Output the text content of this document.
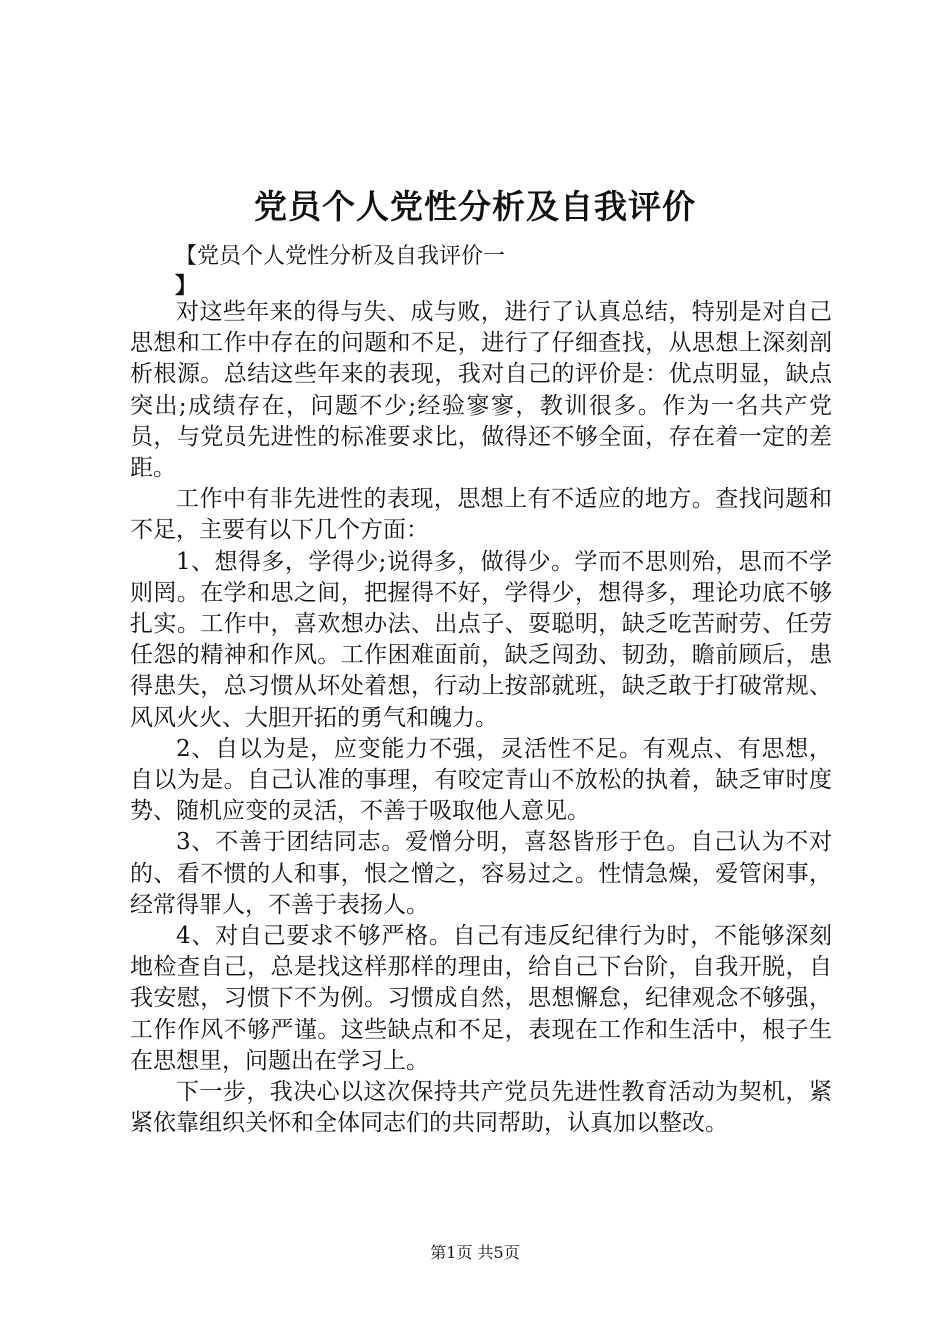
党员个人党性分析及自我评价

【党员个人党性分析及自我评价一

】

对这些年来的得与失、成与败，进行了认真总结，特别是对自己思想和工作中存在的问题和不足，进行了仔细查找，从思想上深刻剖析根源。总结这些年来的表现，我对自己的评价是：优点明显，缺点突出;成绩存在，问题不少;经验寥寥，教训很多。作为一名共产党员，与党员先进性的标准要求比，做得还不够全面，存在着一定的差距。

工作中有非先进性的表现，思想上有不适应的地方。查找问题和不足，主要有以下几个方面：

1、想得多，学得少;说得多，做得少。学而不思则殆，思而不学则罔。在学和思之间，把握得不好，学得少，想得多，理论功底不够扎实。工作中，喜欢想办法、出点子、耍聪明，缺乏吃苦耐劳、任劳任怨的精神和作风。工作困难面前，缺乏闯劲、韧劲，瞻前顾后，患得患失，总习惯从坏处着想，行动上按部就班，缺乏敢于打破常规、风风火火、大胆开拓的勇气和魄力。

2、自以为是，应变能力不强，灵活性不足。有观点、有思想，自以为是。自己认准的事理，有咬定青山不放松的执着，缺乏审时度势、随机应变的灵活，不善于吸取他人意见。

3、不善于团结同志。爱憎分明，喜怒皆形于色。自己认为不对的、看不惯的人和事，恨之憎之，容易过之。性情急燥，爱管闲事，经常得罪人，不善于表扬人。

4、对自己要求不够严格。自己有违反纪律行为时，不能够深刻地检查自己，总是找这样那样的理由，给自己下台阶，自我开脱，自我安慰，习惯下不为例。习惯成自然，思想懈怠，纪律观念不够强，工作作风不够严谨。这些缺点和不足，表现在工作和生活中，根子生在思想里，问题出在学习上。

下一步，我决心以这次保持共产党员先进性教育活动为契机，紧紧依靠组织关怀和全体同志们的共同帮助，认真加以整改。

第1页 共5页
